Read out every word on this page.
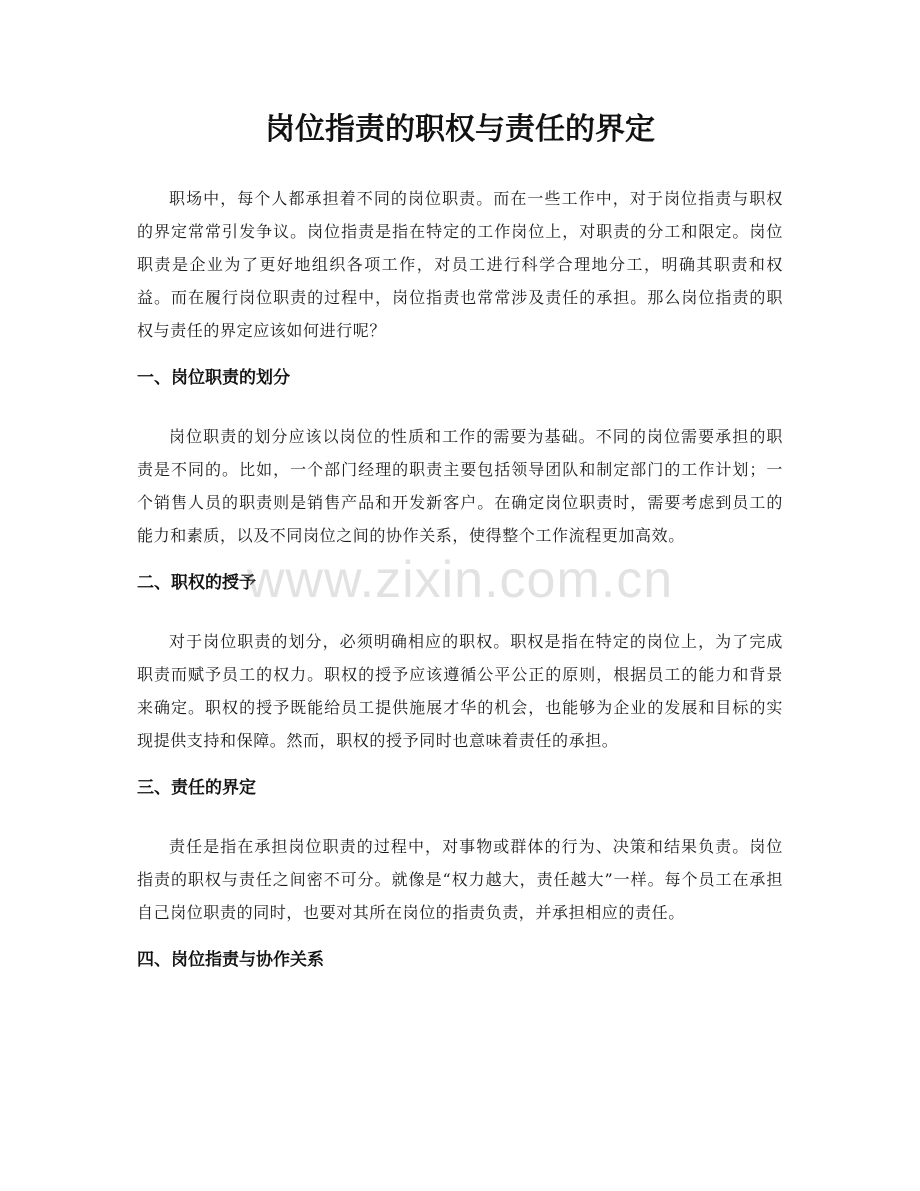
岗位指责的职权与责任的界定

职场中，每个人都承担着不同的岗位职责。而在一些工作中，对于岗位指责与职权的界定常常引发争议。岗位指责是指在特定的工作岗位上，对职责的分工和限定。岗位职责是企业为了更好地组织各项工作，对员工进行科学合理地分工，明确其职责和权益。而在履行岗位职责的过程中，岗位指责也常常涉及责任的承担。那么岗位指责的职权与责任的界定应该如何进行呢？

一、岗位职责的划分

岗位职责的划分应该以岗位的性质和工作的需要为基础。不同的岗位需要承担的职责是不同的。比如，一个部门经理的职责主要包括领导团队和制定部门的工作计划；一个销售人员的职责则是销售产品和开发新客户。在确定岗位职责时，需要考虑到员工的能力和素质，以及不同岗位之间的协作关系，使得整个工作流程更加高效。

二、职权的授予

对于岗位职责的划分，必须明确相应的职权。职权是指在特定的岗位上，为了完成职责而赋予员工的权力。职权的授予应该遵循公平公正的原则，根据员工的能力和背景来确定。职权的授予既能给员工提供施展才华的机会，也能够为企业的发展和目标的实现提供支持和保障。然而，职权的授予同时也意味着责任的承担。

三、责任的界定

责任是指在承担岗位职责的过程中，对事物或群体的行为、决策和结果负责。岗位指责的职权与责任之间密不可分。就像是“权力越大，责任越大”一样。每个员工在承担自己岗位职责的同时，也要对其所在岗位的指责负责，并承担相应的责任。

四、岗位指责与协作关系
www.zixin.com.cn
